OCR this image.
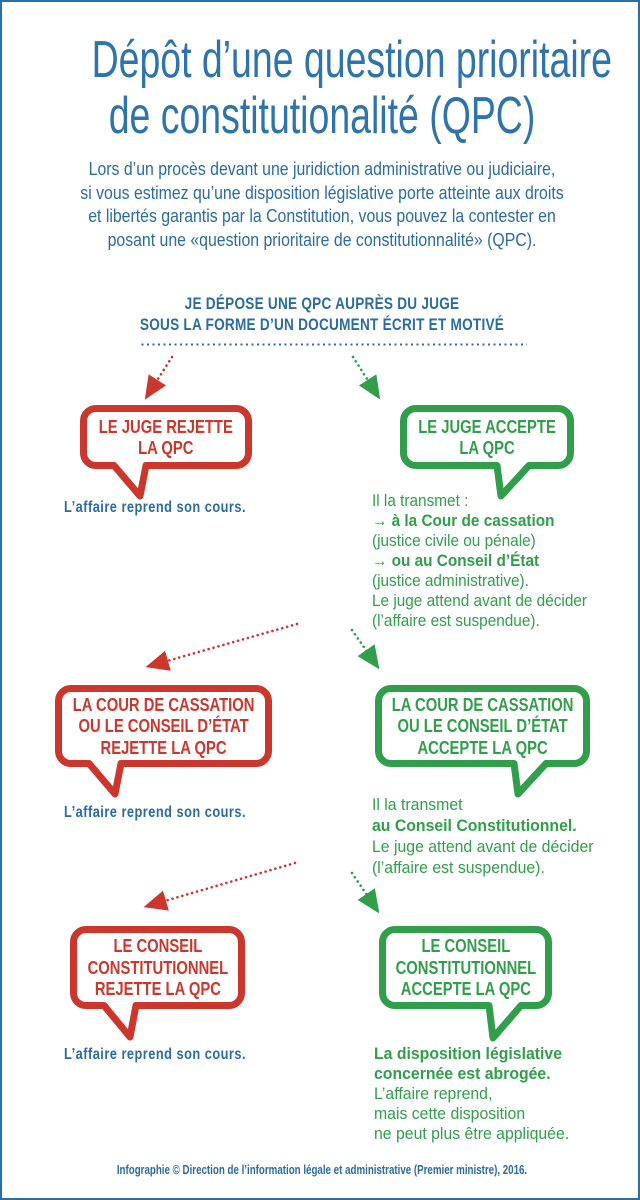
Dépôt d’une question prioritaire
de constitutionalité (QPC)
Lors d’un procès devant une juridiction administrative ou judiciaire,
si vous estimez qu’une disposition législative porte atteinte aux droits
et libertés garantis par la Constitution, vous pouvez la contester en
posant une «question prioritaire de constitutionnalité» (QPC).
JE DÉPOSE UNE QPC AUPRÈS DU JUGE
SOUS LA FORME D’UN DOCUMENT ÉCRIT ET MOTIVÉ
LE JUGE REJETTE
LA QPC
LE JUGE ACCEPTE
LA QPC
L’affaire reprend son cours.	Il la transmet :
→ à la Cour de cassation
(justice civile ou pénale)
→ ou au Conseil d’État
(justice administrative).
Le juge attend avant de décider
(l’affaire est suspendue).
LA COUR DE CASSATION
OU LE CONSEIL D’ÉTAT
REJETTE LA QPC
LA COUR DE CASSATION
OU LE CONSEIL D’ÉTAT
ACCEPTE LA QPC
L’affaire reprend son cours.	Il la transmet
au Conseil Constitutionnel.
Le juge attend avant de décider
(l’affaire est suspendue).
LE CONSEIL
CONSTITUTIONNEL
REJETTE LA QPC
LE CONSEIL
CONSTITUTIONNEL
ACCEPTE LA QPC
L’affaire reprend son cours.	La disposition législative
concernée est abrogée.
L’affaire reprend,
mais cette disposition
ne peut plus être appliquée.
Infographie © Direction de l’information légale et administrative (Premier ministre), 2016.
